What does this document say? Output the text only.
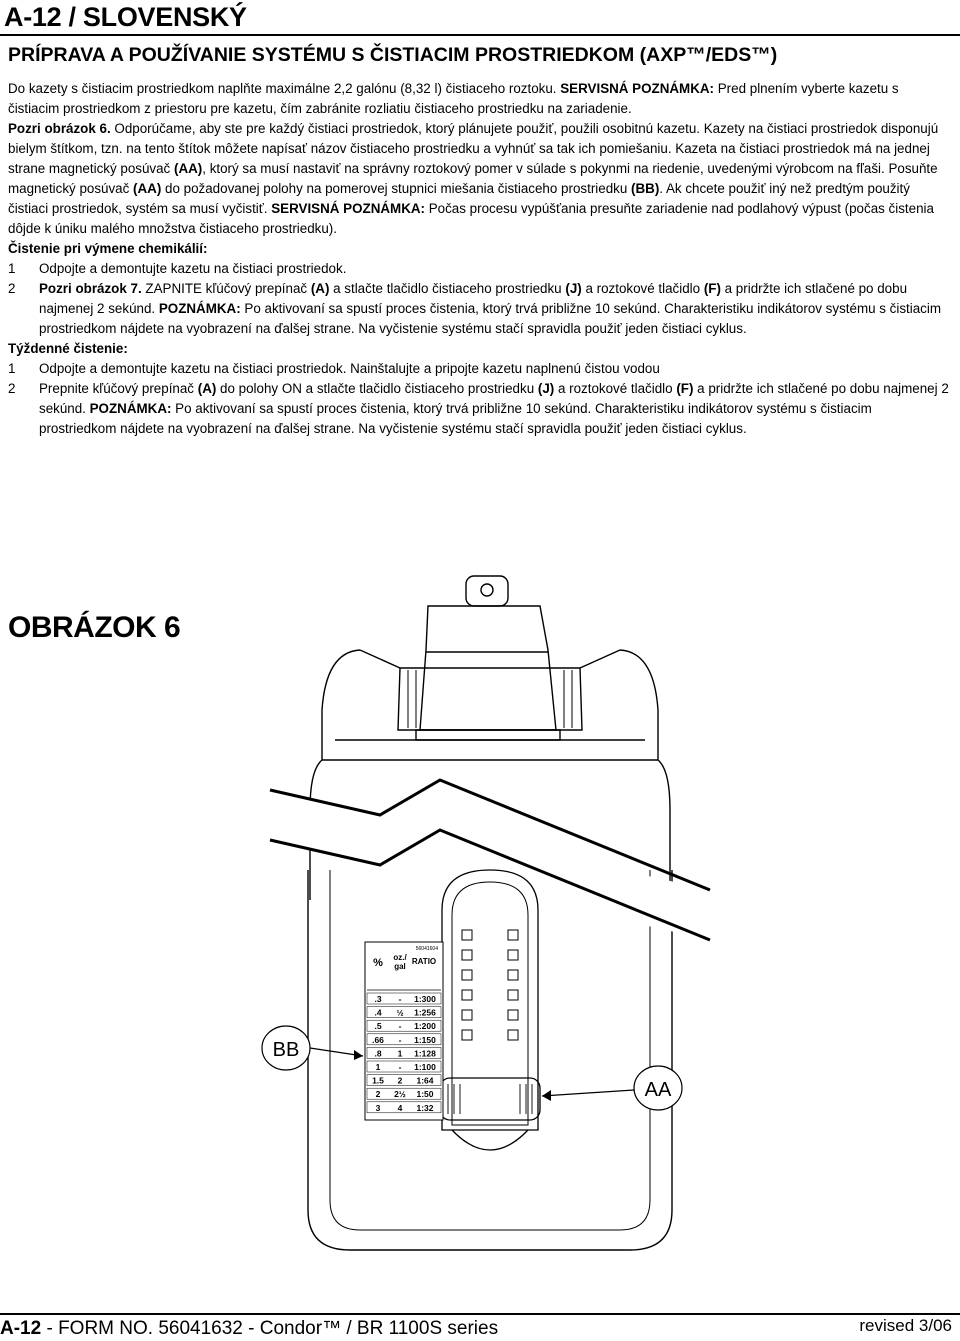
A-12 / SLOVENSKÝ
PRÍPRAVA A POUŽÍVANIE SYSTÉMU S ČISTIACIM PROSTRIEDKOM (AXP™/EDS™)

Do kazety s čistiacim prostriedkom naplňte maximálne 2,2 galónu (8,32 l) čistiaceho roztoku. SERVISNÁ POZNÁMKA: Pred plnením vyberte kazetu s čistiacim prostriedkom z priestoru pre kazetu, čím zabránite rozliatiu čistiaceho prostriedku na zariadenie.

Pozri obrázok 6. Odporúčame, aby ste pre každý čistiaci prostriedok, ktorý plánujete použiť, použili osobitnú kazetu. Kazety na čistiaci prostriedok disponujú bielym štítkom, tzn. na tento štítok môžete napísať názov čistiaceho prostriedku a vyhnúť sa tak ich pomiešaniu. Kazeta na čistiaci prostriedok má na jednej strane magnetický posúvač (AA), ktorý sa musí nastaviť na správny roztokový pomer v súlade s pokynmi na riedenie, uvedenými výrobcom na fľaši. Posuňte magnetický posúvač (AA) do požadovanej polohy na pomerovej stupnici miešania čistiaceho prostriedku (BB). Ak chcete použiť iný než predtým použitý čistiaci prostriedok, systém sa musí vyčistiť. SERVISNÁ POZNÁMKA: Počas procesu vypúšťania presuňte zariadenie nad podlahový výpust (počas čistenia dôjde k úniku malého množstva čistiaceho prostriedku).

Čistenie pri výmene chemikálií:

1 Odpojte a demontujte kazetu na čistiaci prostriedok.
2 Pozri obrázok 7. ZAPNITE kľúčový prepínač (A) a stlačte tlačidlo čistiaceho prostriedku (J) a roztokové tlačidlo (F) a pridržte ich stlačené po dobu najmenej 2 sekúnd. POZNÁMKA: Po aktivovaní sa spustí proces čistenia, ktorý trvá približne 10 sekúnd. Charakteristiku indikátorov systému s čistiacim prostriedkom nájdete na vyobrazení na ďalšej strane. Na vyčistenie systému stačí spravidla použiť jeden čistiaci cyklus.

Týždenné čistenie:

1 Odpojte a demontujte kazetu na čistiaci prostriedok. Nainštalujte a pripojte kazetu naplnenú čistou vodou
2 Prepnite kľúčový prepínač (A) do polohy ON a stlačte tlačidlo čistiaceho prostriedku (J) a roztokové tlačidlo (F) a pridržte ich stlačené po dobu najmenej 2 sekúnd. POZNÁMKA: Po aktivovaní sa spustí proces čistenia, ktorý trvá približne 10 sekúnd. Charakteristiku indikátorov systému s čistiacim prostriedkom nájdete na vyobrazení na ďalšej strane. Na vyčistenie systému stačí spravidla použiť jeden čistiaci cyklus.
OBRÁZOK 6
56041604
% oz./ gal
RATIO
.3 - 1:300
.4 ½ 1:256
.5 - 1:200
.66 - 1:150
.8 1 1:128
1 - 1:100
1.5 2 1:64
2 2½ 1:50
3 4 1:32
BB
AA
A-12 - FORM NO. 56041632 - Condor™ / BR 1100S series	revised 3/06
